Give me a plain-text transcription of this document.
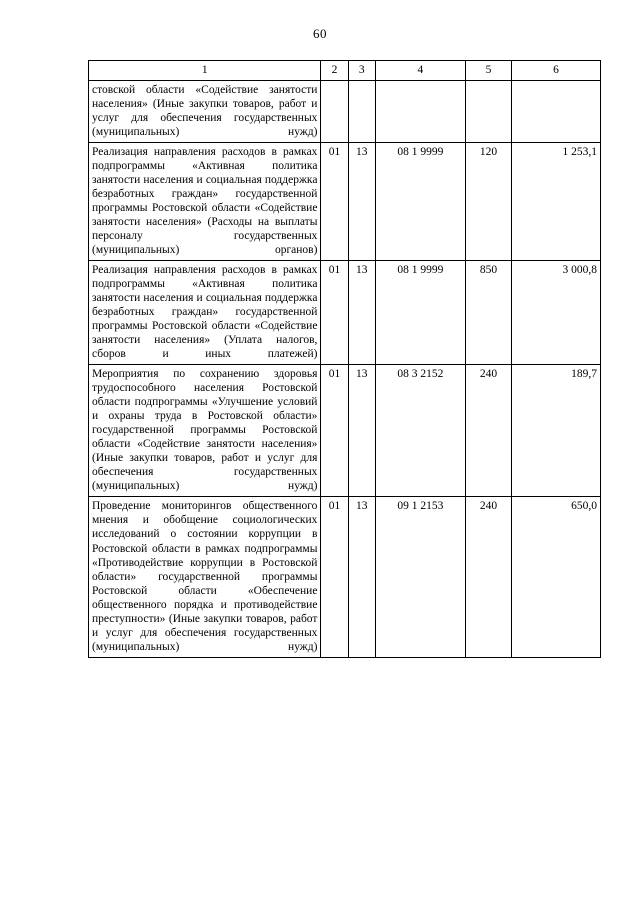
60
1	2	3	4	5	6
стовской области «Содействие занятости населения» (Иные закупки товаров, работ и услуг для обеспечения государственных (муниципальных) нужд)					
Реализация направления расходов в рамках подпрограммы «Активная политика занятости населения и социальная поддержка безработных граждан» государственной программы Ростовской области «Содействие занятости населения» (Расходы на выплаты персоналу государственных (муниципальных) органов)	01	13	08 1 9999	120	1 253,1
Реализация направления расходов в рамках подпрограммы «Активная политика занятости населения и социальная поддержка безработных граждан» государственной программы Ростовской области «Содействие занятости населения» (Уплата налогов, сборов и иных платежей)	01	13	08 1 9999	850	3 000,8
Мероприятия по сохранению здоровья трудоспособного населения Ростовской области подпрограммы «Улучшение условий и охраны труда в Ростовской области» государственной программы Ростовской области «Содействие занятости населения» (Иные закупки товаров, работ и услуг для обеспечения государственных (муниципальных) нужд)	01	13	08 3 2152	240	189,7
Проведение мониторингов общественного мнения и обобщение социологических исследований о состоянии коррупции в Ростовской области в рамках подпрограммы «Противодействие коррупции в Ростовской области» государственной программы Ростовской области «Обеспечение общественного порядка и противодействие преступности» (Иные закупки товаров, работ и услуг для обеспечения государственных (муниципальных) нужд)	01	13	09 1 2153	240	650,0
